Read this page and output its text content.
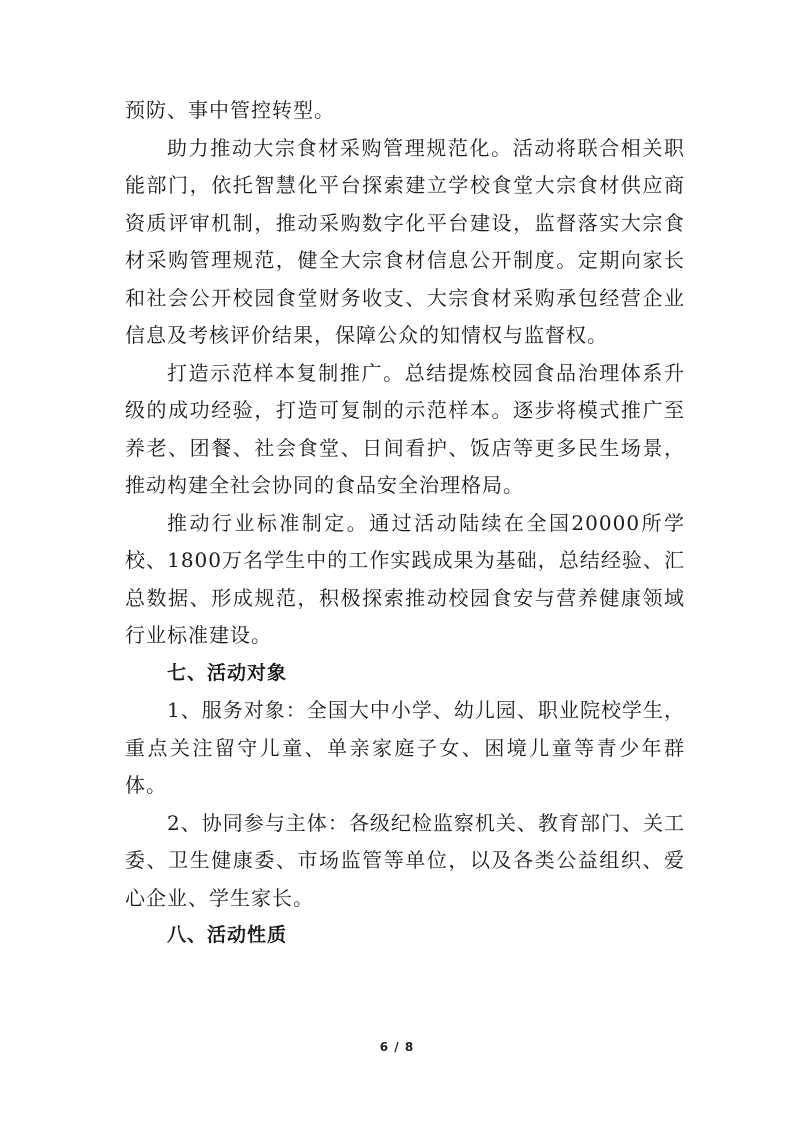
预防、事中管控转型。

助力推动大宗食材采购管理规范化。活动将联合相关职能部门，依托智慧化平台探索建立学校食堂大宗食材供应商资质评审机制，推动采购数字化平台建设，监督落实大宗食材采购管理规范，健全大宗食材信息公开制度。定期向家长和社会公开校园食堂财务收支、大宗食材采购承包经营企业信息及考核评价结果，保障公众的知情权与监督权。

打造示范样本复制推广。总结提炼校园食品治理体系升级的成功经验，打造可复制的示范样本。逐步将模式推广至养老、团餐、社会食堂、日间看护、饭店等更多民生场景，推动构建全社会协同的食品安全治理格局。

推动行业标准制定。通过活动陆续在全国20000所学校、1800万名学生中的工作实践成果为基础，总结经验、汇总数据、形成规范，积极探索推动校园食安与营养健康领域行业标准建设。

七、活动对象

1、服务对象：全国大中小学、幼儿园、职业院校学生，重点关注留守儿童、单亲家庭子女、困境儿童等青少年群体。

2、协同参与主体：各级纪检监察机关、教育部门、关工委、卫生健康委、市场监管等单位，以及各类公益组织、爱心企业、学生家长。

八、活动性质

6 / 8
